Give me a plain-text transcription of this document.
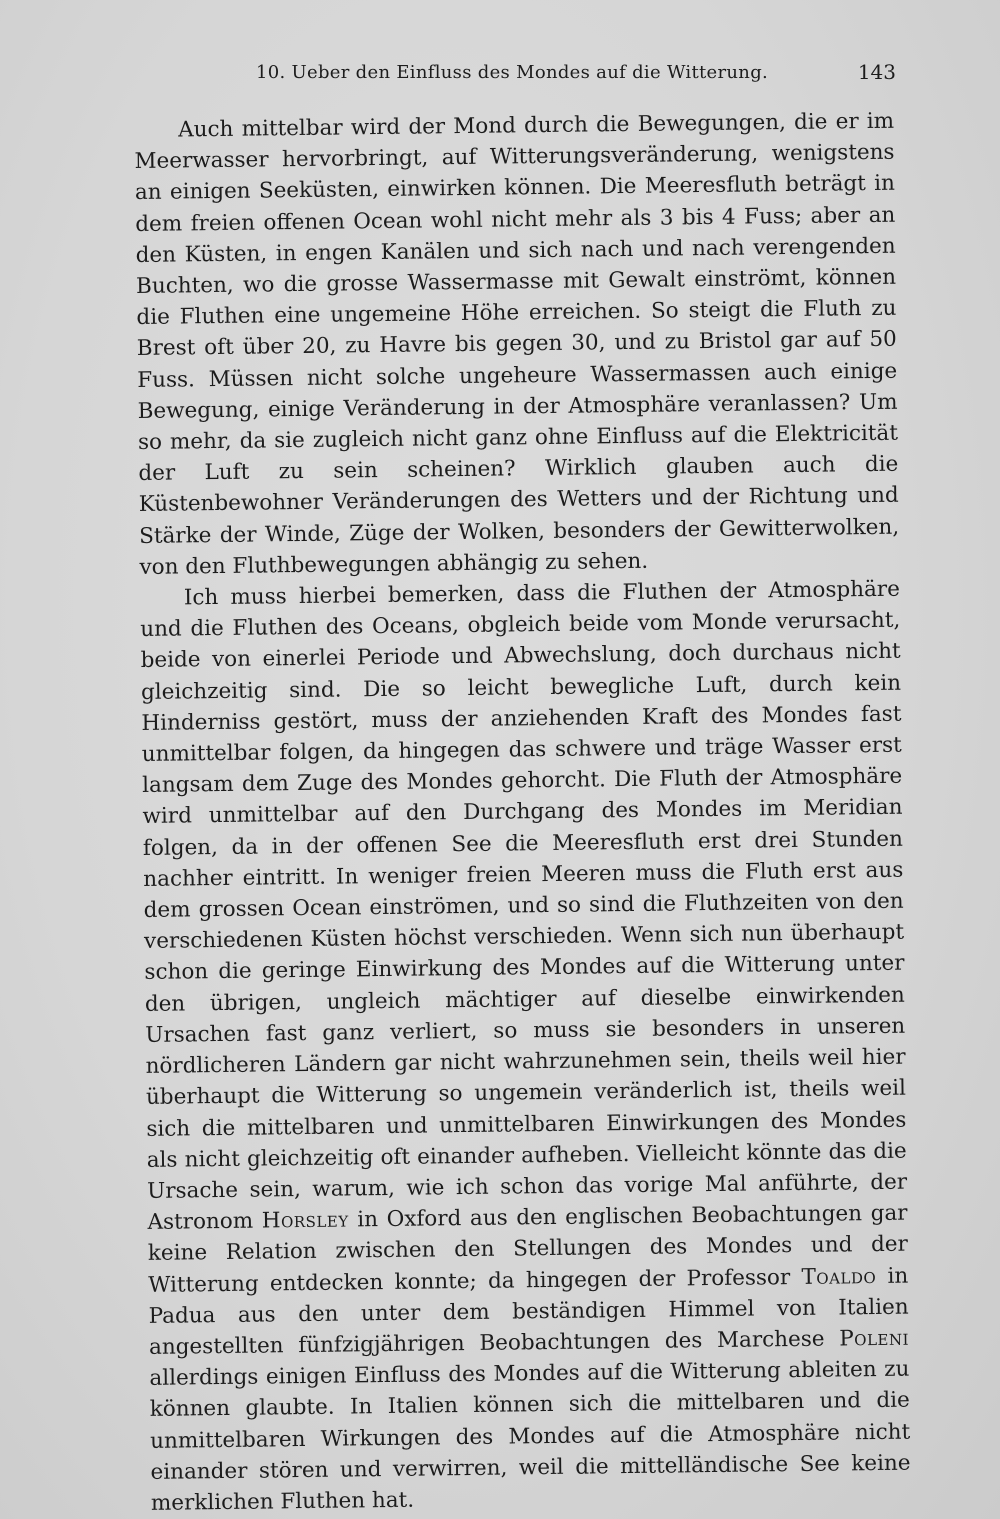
10. Ueber den Einfluss des Mondes auf die Witterung.	143

Auch mittelbar wird der Mond durch die Bewegungen, die er im Meerwasser hervorbringt, auf Witterungsveränderung, wenigstens an einigen Seeküsten, einwirken können. Die Meeresfluth beträgt in dem freien offenen Ocean wohl nicht mehr als 3 bis 4 Fuss; aber an den Küsten, in engen Kanälen und sich nach und nach verengenden Buchten, wo die grosse Wassermasse mit Gewalt einströmt, können die Fluthen eine ungemeine Höhe erreichen. So steigt die Fluth zu Brest oft über 20, zu Havre bis gegen 30, und zu Bristol gar auf 50 Fuss. Müssen nicht solche ungeheure Wassermassen auch einige Bewegung, einige Veränderung in der Atmosphäre veranlassen? Um so mehr, da sie zugleich nicht ganz ohne Einfluss auf die Elektricität der Luft zu sein scheinen? Wirklich glauben auch die Küstenbewohner Veränderungen des Wetters und der Richtung und Stärke der Winde, Züge der Wolken, besonders der Gewitterwolken, von den Fluthbewegungen abhängig zu sehen.

Ich muss hierbei bemerken, dass die Fluthen der Atmosphäre und die Fluthen des Oceans, obgleich beide vom Monde verursacht, beide von einerlei Periode und Abwechslung, doch durchaus nicht gleichzeitig sind. Die so leicht bewegliche Luft, durch kein Hinderniss gestört, muss der anziehenden Kraft des Mondes fast unmittelbar folgen, da hingegen das schwere und träge Wasser erst langsam dem Zuge des Mondes gehorcht. Die Fluth der Atmosphäre wird unmittelbar auf den Durchgang des Mondes im Meridian folgen, da in der offenen See die Meeresfluth erst drei Stunden nachher eintritt. In weniger freien Meeren muss die Fluth erst aus dem grossen Ocean einströmen, und so sind die Fluthzeiten von den verschiedenen Küsten höchst verschieden. Wenn sich nun überhaupt schon die geringe Einwirkung des Mondes auf die Witterung unter den übrigen, ungleich mächtiger auf dieselbe einwirkenden Ursachen fast ganz verliert, so muss sie besonders in unseren nördlicheren Ländern gar nicht wahrzunehmen sein, theils weil hier überhaupt die Witterung so ungemein veränderlich ist, theils weil sich die mittelbaren und unmittelbaren Einwirkungen des Mondes als nicht gleichzeitig oft einander aufheben. Vielleicht könnte das die Ursache sein, warum, wie ich schon das vorige Mal anführte, der Astronom Horsley in Oxford aus den englischen Beobachtungen gar keine Relation zwischen den Stellungen des Mondes und der Witterung entdecken konnte; da hingegen der Professor Toaldo in Padua aus den unter dem beständigen Himmel von Italien angestellten fünfzigjährigen Beobachtungen des Marchese Poleni allerdings einigen Einfluss des Mondes auf die Witterung ableiten zu können glaubte. In Italien können sich die mittelbaren und die unmittelbaren Wirkungen des Mondes auf die Atmosphäre nicht einander stören und verwirren, weil die mittelländische See keine merklichen Fluthen hat.
